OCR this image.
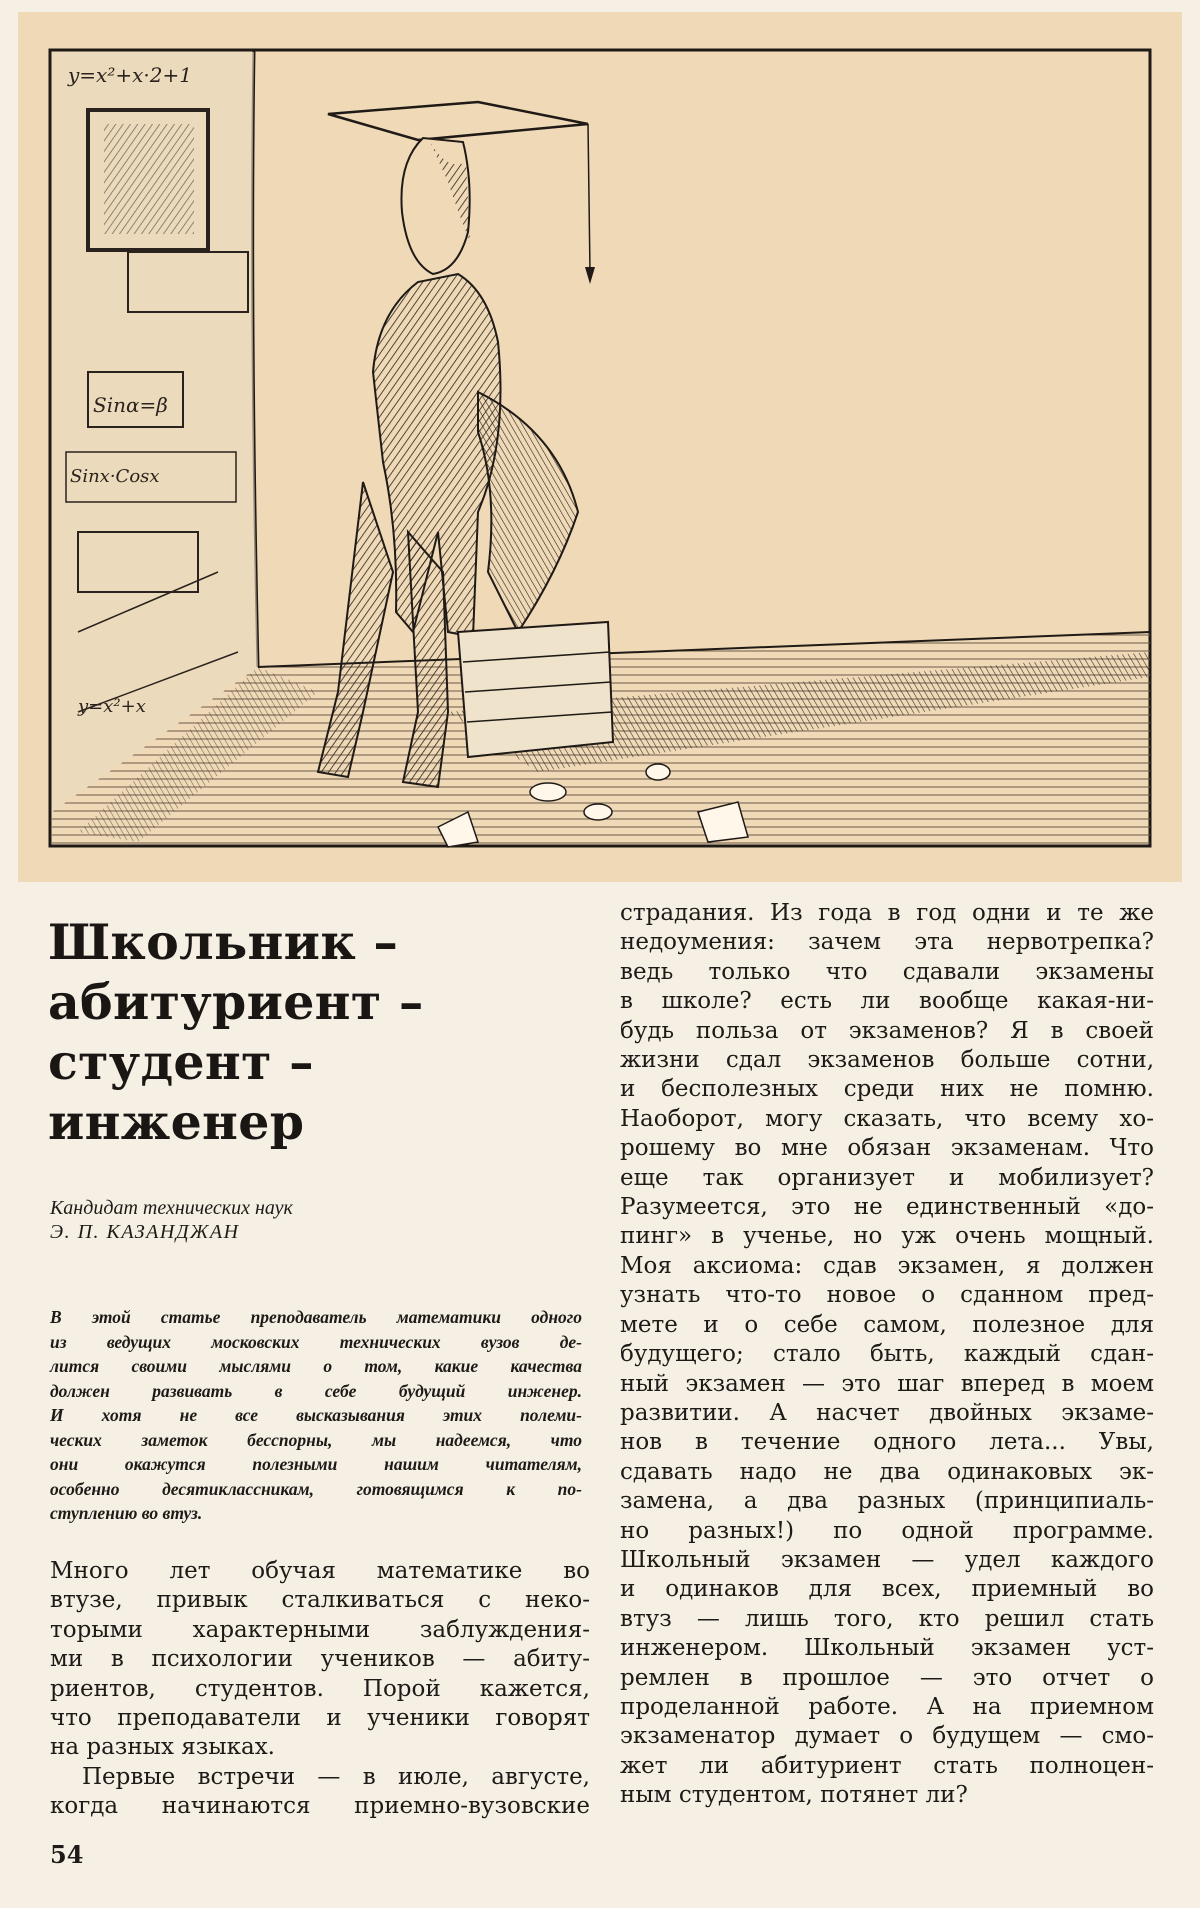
y=x²+x·2+1
Sinα=β
Sinx·Cosx
y=x²+x
Школьник –
абитуриент –
студент –
инженер
Кандидат технических наук
Э. П. КАЗАНДЖАН
В этой статье преподаватель математики одного
из ведущих московских технических вузов де-
лится своими мыслями о том, какие качества
должен развивать в себе будущий инженер.
И хотя не все высказывания этих полеми-
ческих заметок бесспорны, мы надеемся, что
они окажутся полезными нашим читателям,
особенно десятиклассникам, готовящимся к по-
ступлению во втуз.
Много лет обучая математике во
втузе, привык сталкиваться с неко-
торыми характерными заблуждения-
ми в психологии учеников — абиту-
риентов, студентов. Порой кажется,
что преподаватели и ученики говорят
на разных языках.
Первые встречи — в июле, августе,
когда начинаются приемно-вузовские
страдания. Из года в год одни и те же
недоумения: зачем эта нервотрепка?
ведь только что сдавали экзамены
в школе? есть ли вообще какая-ни-
будь польза от экзаменов? Я в своей
жизни сдал экзаменов больше сотни,
и бесполезных среди них не помню.
Наоборот, могу сказать, что всему хо-
рошему во мне обязан экзаменам. Что
еще так организует и мобилизует?
Разумеется, это не единственный «до-
пинг» в ученье, но уж очень мощный.
Моя аксиома: сдав экзамен, я должен
узнать что-то новое о сданном пред-
мете и о себе самом, полезное для
будущего; стало быть, каждый сдан-
ный экзамен — это шаг вперед в моем
развитии. А насчет двойных экзаме-
нов в течение одного лета... Увы,
сдавать надо не два одинаковых эк-
замена, а два разных (принципиаль-
но разных!) по одной программе.
Школьный экзамен — удел каждого
и одинаков для всех, приемный во
втуз — лишь того, кто решил стать
инженером. Школьный экзамен уст-
ремлен в прошлое — это отчет о
проделанной работе. А на приемном
экзаменатор думает о будущем — смо-
жет ли абитуриент стать полноцен-
ным студентом, потянет ли?
54
